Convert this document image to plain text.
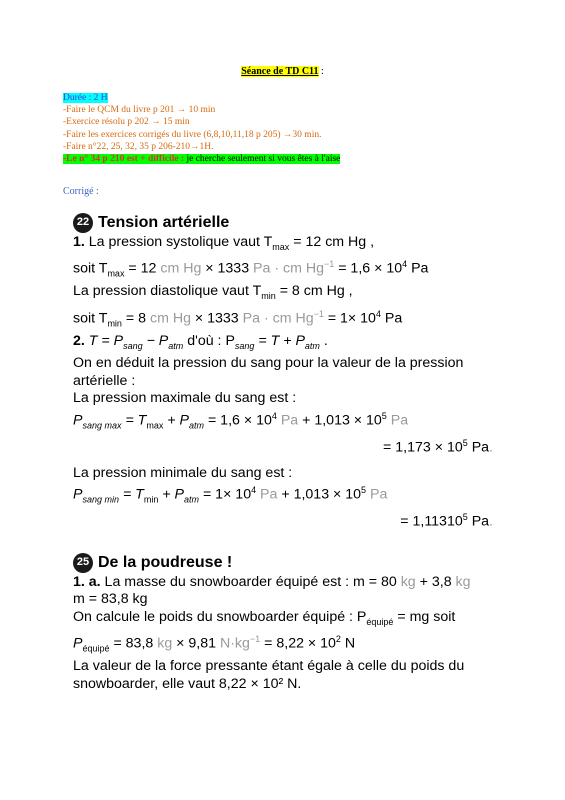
Séance de TD C11 :
Durée : 2 H
-Faire le QCM du livre p 201 → 10 min
-Exercice résolu p 202 → 15 min
-Faire les exercices corrigés du livre (6,8,10,11,18 p 205) →30 min.
-Faire n°22, 25, 32, 35 p 206-210→1H.
-Le n° 34 p 210 est + difficile : je cherche seulement si vous êtes à l'aise
Corrigé :
22 Tension artérielle
1. La pression systolique vaut $T_{max} = 12$ cm Hg ,
soit $T_{max} = 12$ cm Hg × 1333 Pa · cm $Hg^{-1} = 1,6 \times 10^4$ Pa
La pression diastolique vaut $T_{min} = 8$ cm Hg ,
soit $T_{min} = 8$ cm Hg × 1333 Pa · cm $Hg^{-1} = 1\times 10^4$ Pa
2. $T = P_{sang} - P_{atm}$ d'où : $P_{sang} = T + P_{atm}$ .
On en déduit la pression du sang pour la valeur de la pression artérielle :
La pression maximale du sang est :
$P_{sang max} = T_{max} + P_{atm} = 1,6 \times 10^4$ $Pa + 1,013 \times 10^5$ Pa
= $1,173 \times 10^5$ Pa.
La pression minimale du sang est :
$P_{sang min} = T_{min} + P_{atm} = 1\times 10^4$ $Pa + 1,013 \times 10^5$ Pa
= $1,11310^5$ Pa.
25 De la poudreuse !
1. a. La masse du snowboarder équipé est : m = 80 kg + 3,8 kg
m = 83,8 kg
On calcule le poids du snowboarder équipé : $P_{équipé}$ = mg soit
$P_{équipé} = 83,8$ kg × 9,81 $N\cdot kg^{-1} = 8,22 \times 10^2$ N
La valeur de la force pressante étant égale à celle du poids du snowboarder, elle vaut 8,22 × 10² N.
